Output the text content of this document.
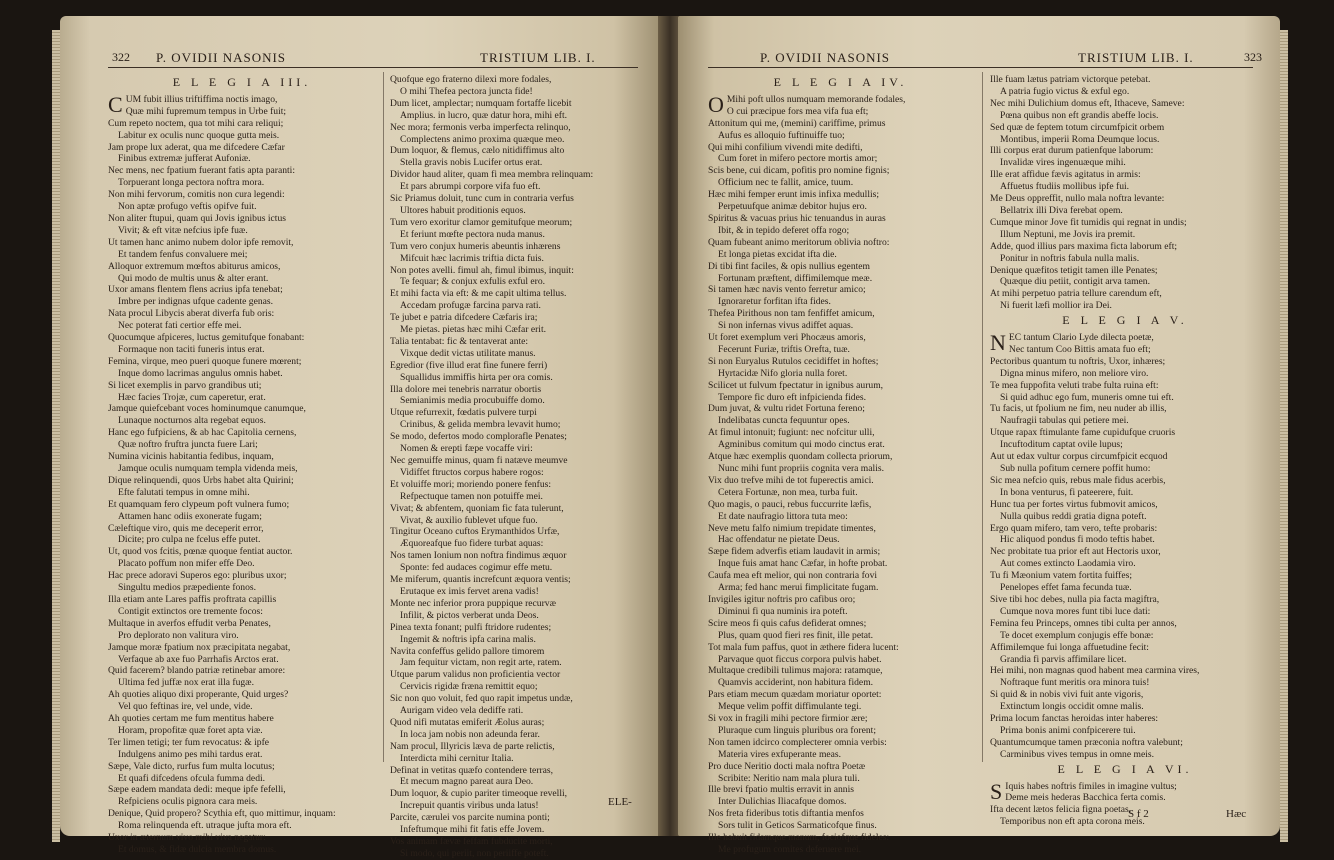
322 P. OVIDII NASONIS	TRISTIUM LIB. I.
E L E G I A III.
C UM fubit illius triftiffima noctis imago,
Quæ mihi fupremum tempus in Urbe fuit;
Cum repeto noctem, qua tot mihi cara reliqui;
Labitur ex oculis nunc quoque gutta meis.
Jam prope lux aderat, qua me difcedere Cæfar
Finibus extremæ jufferat Aufoniæ.
Nec mens, nec fpatium fuerant fatis apta paranti:
Torpuerant longa pectora noftra mora.
Non mihi fervorum, comitis non cura legendi:
Non aptæ profugo veftis opifve fuit.
Non aliter ftupui, quam qui Jovis ignibus ictus
Vivit; & eft vitæ nefcius ipfe fuæ.
Ut tamen hanc animo nubem dolor ipfe removit,
Et tandem fenfus convaluere mei;
Alloquor extremum mœftos abiturus amicos,
Qui modo de multis unus & alter erant.
Uxor amans flentem flens acrius ipfa tenebat;
Imbre per indignas ufque cadente genas.
Nata procul Libycis aberat diverfa fub oris:
Nec poterat fati certior effe mei.
Quocumque afpiceres, luctus gemitufque fonabant:
Formaque non taciti funeris intus erat.
Femina, virque, meo pueri quoque funere mœrent;
Inque domo lacrimas angulus omnis habet.
Si licet exemplis in parvo grandibus uti;
Hæc facies Trojæ, cum caperetur, erat.
Jamque quiefcebant voces hominumque canumque,
Lunaque nocturnos alta regebat equos.
Hanc ego fufpiciens, & ab hac Capitolia cernens,
Quæ noftro fruftra juncta fuere Lari;
Numina vicinis habitantia fedibus, inquam,
Jamque oculis numquam templa videnda meis,
Dique relinquendi, quos Urbs habet alta Quirini;
Efte falutati tempus in omne mihi.
Et quamquam fero clypeum poft vulnera fumo;
Attamen hanc odiis exonerate fugam;
Cæleftique viro, quis me deceperit error,
Dicite; pro culpa ne fcelus effe putet.
Ut, quod vos fcitis, pœnæ quoque fentiat auctor.
Placato poffum non mifer effe Deo.
Hac prece adoravi Superos ego: pluribus uxor;
Singultu medios præpediente fonos.
Illa etiam ante Lares paffis proftrata capillis
Contigit extinctos ore tremente focos:
Multaque in averfos effudit verba Penates,
Pro deplorato non valitura viro.
Jamque moræ fpatium nox præcipitata negabat,
Verfaque ab axe fuo Parrhafis Arctos erat.
Quid facerem? blando patriæ retinebar amore:
Ultima fed juffæ nox erat illa fugæ.
Ah quoties aliquo dixi properante, Quid urges?
Vel quo feftinas ire, vel unde, vide.
Ah quoties certam me fum mentitus habere
Horam, propofitæ quæ foret apta viæ.
Ter limen tetigi; ter fum revocatus: & ipfe
Indulgens animo pes mihi tardus erat.
Sæpe, Vale dicto, rurfus fum multa locutus;
Et quafi difcedens ofcula fumma dedi.
Sæpe eadem mandata dedi: meque ipfe fefelli,
Refpiciens oculis pignora cara meis.
Denique, Quid propero? Scythia eft, quo mittimur, inquam:
Roma relinquenda eft. utraque jufta mora eft.
Uxor in æternum vivo mihi viva negatur:
Et domus, & fidæ dulcia membra domus.
Quofque ego fraterno dilexi more fodales,
O mihi Thefea pectora juncta fide!
Dum licet, amplectar; numquam fortaffe licebit
Amplius. in lucro, quæ datur hora, mihi eft.
Nec mora; fermonis verba imperfecta relinquo,
Complectens animo proxima quæque meo.
Dum loquor, & flemus, cælo nitidiffimus alto
Stella gravis nobis Lucifer ortus erat.
Dividor haud aliter, quam fi mea membra relinquam:
Et pars abrumpi corpore vifa fuo eft.
Sic Priamus doluit, tunc cum in contraria verfus
Ultores habuit proditionis equos.
Tum vero exoritur clamor gemitufque meorum;
Et feriunt mœfte pectora nuda manus.
Tum vero conjux humeris abeuntis inhærens
Mifcuit hæc lacrimis triftia dicta fuis.
Non potes avelli. fimul ah, fimul ibimus, inquit:
Te fequar; & conjux exfulis exful ero.
Et mihi facta via eft: & me capit ultima tellus.
Accedam profugæ farcina parva rati.
Te jubet e patria difcedere Cæfaris ira;
Me pietas. pietas hæc mihi Cæfar erit.
Talia tentabat: fic & tentaverat ante:
Vixque dedit victas utilitate manus.
Egredior (five illud erat fine funere ferri)
Squallidus immiffis hirta per ora comis.
Illa dolore mei tenebris narratur obortis
Semianimis media procubuiffe domo.
Utque refurrexit, fœdatis pulvere turpi
Crinibus, & gelida membra levavit humo;
Se modo, defertos modo complorafle Penates;
Nomen & erepti fæpe vocaffe viri:
Nec gemuiffe minus, quam fi natæve meumve
Vidiffet ftructos corpus habere rogos:
Et voluiffe mori; moriendo ponere fenfus:
Refpectuque tamen non potuiffe mei.
Vivat; & abfentem, quoniam fic fata tulerunt,
Vivat, & auxilio fublevet ufque fuo.
Tingitur Oceano cuftos Erymanthidos Urfæ,
Æquoreafque fuo fidere turbat aquas:
Nos tamen Ionium non noftra findimus æquor
Sponte: fed audaces cogimur effe metu.
Me miferum, quantis increfcunt æquora ventis;
Erutaque ex imis fervet arena vadis!
Monte nec inferior prora puppique recurvæ
Infilit, & pictos verberat unda Deos.
Pinea texta fonant; pulfi ftridore rudentes;
Ingemit & noftris ipfa carina malis.
Navita confeffus gelido pallore timorem
Jam fequitur victam, non regit arte, ratem.
Utque parum validus non proficientia vector
Cervicis rigidæ fræna remittit equo;
Sic non quo voluit, fed quo rapit impetus undæ,
Aurigam video vela dediffe rati.
Quod nifi mutatas emiferit Æolus auras;
In loca jam nobis non adeunda ferar.
Nam procul, Illyricis læva de parte relictis,
Interdicta mihi cernitur Italia.
Definat in vetitas quæfo contendere terras,
Et mecum magno pareat aura Deo.
Dum loquor, & cupio pariter timeoque revelli,
Increpuit quantis viribus unda latus!
Parcite, cærulei vos parcite numina ponti;
Infeftumque mihi fit fatis effe Jovem.
Vos animam fævæ feffam fubducite morti,
Si modo, qui periit, non periiffe poteft.
ELE-
P. OVIDII NASONIS	TRISTIUM LIB. I.	323
E L E G I A IV.
O Mihi poft ullos numquam memorande fodales,
O cui præcipue fors mea vifa fua eft;
Attonitum qui me, (memini) cariffime, primus
Aufus es alloquio fuftinuiffe tuo;
Qui mihi confilium vivendi mite dedifti,
Cum foret in mifero pectore mortis amor;
Scis bene, cui dicam, pofitis pro nomine fignis;
Officium nec te fallit, amice, tuum.
Hæc mihi femper erunt imis infixa medullis;
Perpetuufque animæ debitor hujus ero.
Spiritus & vacuas prius hic tenuandus in auras
Ibit, & in tepido deferet offa rogo;
Quam fubeant animo meritorum oblivia noftro:
Et longa pietas excidat ifta die.
Di tibi fint faciles, & opis nullius egentem
Fortunam præftent, diffimilemque meæ.
Si tamen hæc navis vento ferretur amico;
Ignoraretur forfitan ifta fides.
Thefea Pirithous non tam fenfiffet amicum,
Si non infernas vivus adiffet aquas.
Ut foret exemplum veri Phocæus amoris,
Fecerunt Furiæ, triftis Orefta, tuæ.
Si non Euryalus Rutulos cecidiffet in hoftes;
Hyrtacidæ Nifo gloria nulla foret.
Scilicet ut fulvum fpectatur in ignibus aurum,
Tempore fic duro eft infpicienda fides.
Dum juvat, & vultu ridet Fortuna fereno;
Indelibatas cuncta fequuntur opes.
At fimul intonuit; fugiunt: nec nofcitur ulli,
Agminibus comitum qui modo cinctus erat.
Atque hæc exemplis quondam collecta priorum,
Nunc mihi funt propriis cognita vera malis.
Vix duo trefve mihi de tot fuperectis amici.
Cetera Fortunæ, non mea, turba fuit.
Quo magis, o pauci, rebus fuccurrite læfis,
Et date naufragio littora tuta meo:
Neve metu falfo nimium trepidate timentes,
Hac offendatur ne pietate Deus.
Sæpe fidem adverfis etiam laudavit in armis;
Inque fuis amat hanc Cæfar, in hofte probat.
Caufa mea eft melior, qui non contraria fovi
Arma; fed hanc merui fimplicitate fugam.
Invigiles igitur noftris pro cafibus oro;
Diminui fi qua numinis ira poteft.
Scire meos fi quis cafus defiderat omnes;
Plus, quam quod fieri res finit, ille petat.
Tot mala fum paffus, quot in æthere fidera lucent:
Parvaque quot ficcus corpora pulvis habet.
Multaque credibili tulimus majora: ratamque,
Quamvis acciderint, non habitura fidem.
Pars etiam mecum quædam moriatur oportet:
Meque velim poffit diffimulante tegi.
Si vox in fragili mihi pectore firmior ære;
Pluraque cum linguis pluribus ora forent;
Non tamen idcirco complecterer omnia verbis:
Materia vires exfuperante meas.
Pro duce Neritio docti mala noftra Poetæ
Scribite: Neritio nam mala plura tuli.
Ille brevi fpatio multis erravit in annis
Inter Dulichias Iliacafque domos.
Nos freta fideribus totis diftantia menfos
Sors tulit in Geticos Sarmaticofque finus.
Ille habuit fidamque manum, fociofque fideles:
Me profugum comites deferuere mei.
Ille fuam lætus patriam victorque petebat.
A patria fugio victus & exful ego.
Nec mihi Dulichium domus eft, Ithaceve, Sameve:
Pœna quibus non eft grandis abeffe locis.
Sed quæ de feptem totum circumfpicit orbem
Montibus, imperii Roma Deumque locus.
Illi corpus erat durum patienfque laborum:
Invalidæ vires ingenuæque mihi.
Ille erat affidue fævis agitatus in armis:
Affuetus ftudiis mollibus ipfe fui.
Me Deus oppreffit, nullo mala noftra levante:
Bellatrix illi Diva ferebat opem.
Cumque minor Jove fit tumidis qui regnat in undis;
Illum Neptuni, me Jovis ira premit.
Adde, quod illius pars maxima ficta laborum eft;
Ponitur in noftris fabula nulla malis.
Denique quæfitos tetigit tamen ille Penates;
Quæque diu petiit, contigit arva tamen.
At mihi perpetuo patria tellure carendum eft,
Ni fuerit læfi mollior ira Dei.
E L E G I A V.
N EC tantum Clario Lyde dilecta poetæ,
Nec tantum Coo Bittis amata fuo eft;
Pectoribus quantum tu noftris, Uxor, inhæres;
Digna minus mifero, non meliore viro.
Te mea fuppofita veluti trabe fulta ruina eft:
Si quid adhuc ego fum, muneris omne tui eft.
Tu facis, ut fpolium ne fim, neu nuder ab illis,
Naufragii tabulas qui petiere mei.
Utque rapax ftimulante fame cupidufque cruoris
Incuftoditum captat ovile lupus;
Aut ut edax vultur corpus circumfpicit ecquod
Sub nulla pofitum cernere poffit humo:
Sic mea nefcio quis, rebus male fidus acerbis,
In bona venturus, fi pateerere, fuit.
Hunc tua per fortes virtus fubmovit amicos,
Nulla quibus reddi gratia digna poteft.
Ergo quam mifero, tam vero, tefte probaris:
Hic aliquod pondus fi modo teftis habet.
Nec probitate tua prior eft aut Hectoris uxor,
Aut comes extincto Laodamia viro.
Tu fi Mæonium vatem fortita fuiffes;
Penelopes effet fama fecunda tuæ.
Sive tibi hoc debes, nulla pia facta magiftra,
Cumque nova mores funt tibi luce dati:
Femina feu Princeps, omnes tibi culta per annos,
Te docet exemplum conjugis effe bonæ:
Affimilemque fui longa affuetudine fecit:
Grandia fi parvis affimilare licet.
Hei mihi, non magnas quod habent mea carmina vires,
Noftraque funt meritis ora minora tuis!
Si quid & in nobis vivi fuit ante vigoris,
Extinctum longis occidit omne malis.
Prima locum fanctas heroidas inter haberes:
Prima bonis animi confpicerere tui.
Quantumcumque tamen præconia noftra valebunt;
Carminibus vives tempus in omne meis.
E L E G I A VI.
S Iquis habes noftris fimiles in imagine vultus;
Deme meis hederas Bacchica ferta comis.
Ifta decent lætos felicia figna poetas.
Temporibus non eft apta corona meis.
S f 2	Hæc
